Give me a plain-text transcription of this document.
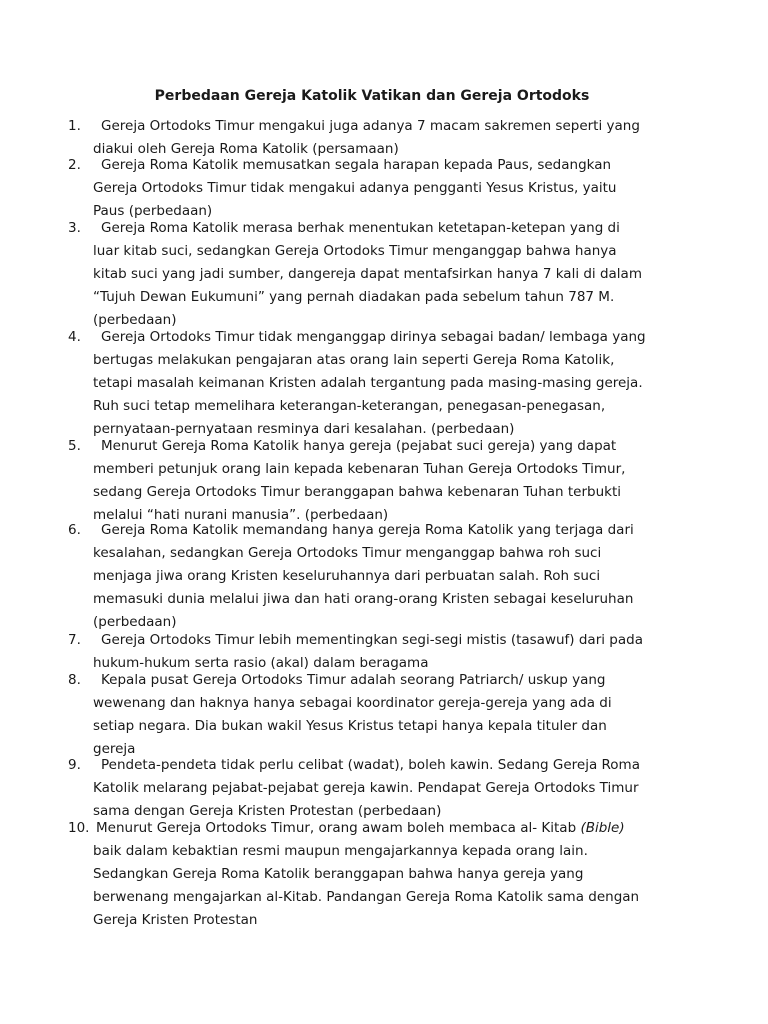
Perbedaan Gereja Katolik Vatikan dan Gereja Ortodoks
1. Gereja Ortodoks Timur mengakui juga adanya 7 macam sakremen seperti yang
diakui oleh Gereja Roma Katolik (persamaan)
2. Gereja Roma Katolik memusatkan segala harapan kepada Paus, sedangkan
Gereja Ortodoks Timur tidak mengakui adanya pengganti Yesus Kristus, yaitu
Paus (perbedaan)
3. Gereja Roma Katolik merasa berhak menentukan ketetapan-ketepan yang di
luar kitab suci, sedangkan Gereja Ortodoks Timur menganggap bahwa hanya
kitab suci yang jadi sumber, dangereja dapat mentafsirkan hanya 7 kali di dalam
“Tujuh Dewan Eukumuni” yang pernah diadakan pada sebelum tahun 787 M.
(perbedaan)
4. Gereja Ortodoks Timur tidak menganggap dirinya sebagai badan/ lembaga yang
bertugas melakukan pengajaran atas orang lain seperti Gereja Roma Katolik,
tetapi masalah keimanan Kristen adalah tergantung pada masing-masing gereja.
Ruh suci tetap memelihara keterangan-keterangan, penegasan-penegasan,
pernyataan-pernyataan resminya dari kesalahan. (perbedaan)
5. Menurut Gereja Roma Katolik hanya gereja (pejabat suci gereja) yang dapat
memberi petunjuk orang lain kepada kebenaran Tuhan Gereja Ortodoks Timur,
sedang Gereja Ortodoks Timur beranggapan bahwa kebenaran Tuhan terbukti
melalui “hati nurani manusia”. (perbedaan)
6. Gereja Roma Katolik memandang hanya gereja Roma Katolik yang terjaga dari
kesalahan, sedangkan Gereja Ortodoks Timur menganggap bahwa roh suci
menjaga jiwa orang Kristen keseluruhannya dari perbuatan salah. Roh suci
memasuki dunia melalui jiwa dan hati orang-orang Kristen sebagai keseluruhan
(perbedaan)
7. Gereja Ortodoks Timur lebih mementingkan segi-segi mistis (tasawuf) dari pada
hukum-hukum serta rasio (akal) dalam beragama
8. Kepala pusat Gereja Ortodoks Timur adalah seorang Patriarch/ uskup yang
wewenang dan haknya hanya sebagai koordinator gereja-gereja yang ada di
setiap negara. Dia bukan wakil Yesus Kristus tetapi hanya kepala tituler dan
gereja
9. Pendeta-pendeta tidak perlu celibat (wadat), boleh kawin. Sedang Gereja Roma
Katolik melarang pejabat-pejabat gereja kawin. Pendapat Gereja Ortodoks Timur
sama dengan Gereja Kristen Protestan (perbedaan)
10. Menurut Gereja Ortodoks Timur, orang awam boleh membaca al- Kitab (Bible)
baik dalam kebaktian resmi maupun mengajarkannya kepada orang lain.
Sedangkan Gereja Roma Katolik beranggapan bahwa hanya gereja yang
berwenang mengajarkan al-Kitab. Pandangan Gereja Roma Katolik sama dengan
Gereja Kristen Protestan
